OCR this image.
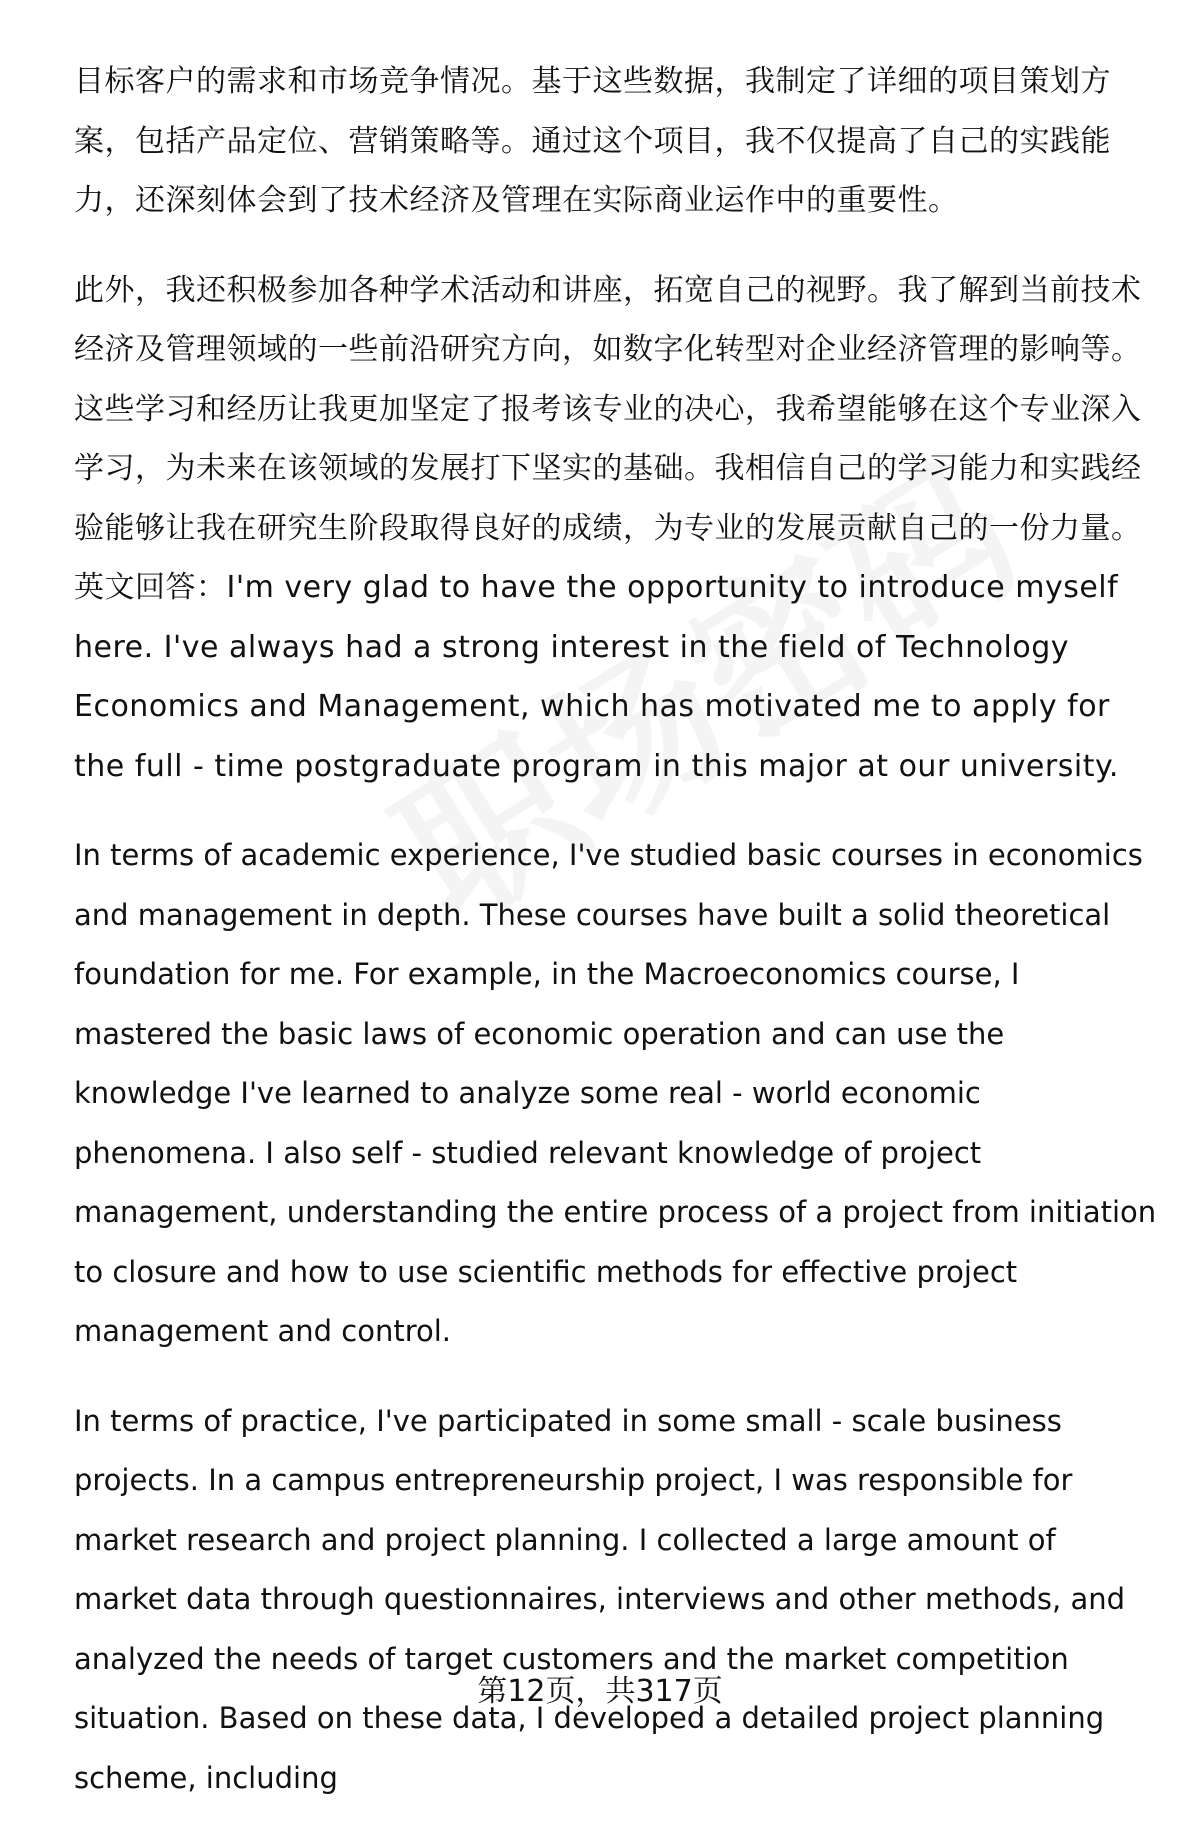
目标客户的需求和市场竞争情况。基于这些数据，我制定了详细的项目策划方案，包括产品定位、营销策略等。通过这个项目，我不仅提高了自己的实践能力，还深刻体会到了技术经济及管理在实际商业运作中的重要性。

此外，我还积极参加各种学术活动和讲座，拓宽自己的视野。我了解到当前技术经济及管理领域的一些前沿研究方向，如数字化转型对企业经济管理的影响等。这些学习和经历让我更加坚定了报考该专业的决心，我希望能够在这个专业深入学习，为未来在该领域的发展打下坚实的基础。我相信自己的学习能力和实践经验能够让我在研究生阶段取得良好的成绩，为专业的发展贡献自己的一份力量。 英文回答：I'm very glad to have the opportunity to introduce myself here. I've always had a strong interest in the field of Technology Economics and Management, which has motivated me to apply for the full - time postgraduate program in this major at our university.

In terms of academic experience, I've studied basic courses in economics and management in depth. These courses have built a solid theoretical foundation for me. For example, in the Macroeconomics course, I mastered the basic laws of economic operation and can use the knowledge I've learned to analyze some real - world economic phenomena. I also self - studied relevant knowledge of project management, understanding the entire process of a project from initiation to closure and how to use scientific methods for effective project management and control.

In terms of practice, I've participated in some small - scale business projects. In a campus entrepreneurship project, I was responsible for market research and project planning. I collected a large amount of market data through questionnaires, interviews and other methods, and analyzed the needs of target customers and the market competition situation. Based on these data, I developed a detailed project planning scheme, including

第12页，共317页
